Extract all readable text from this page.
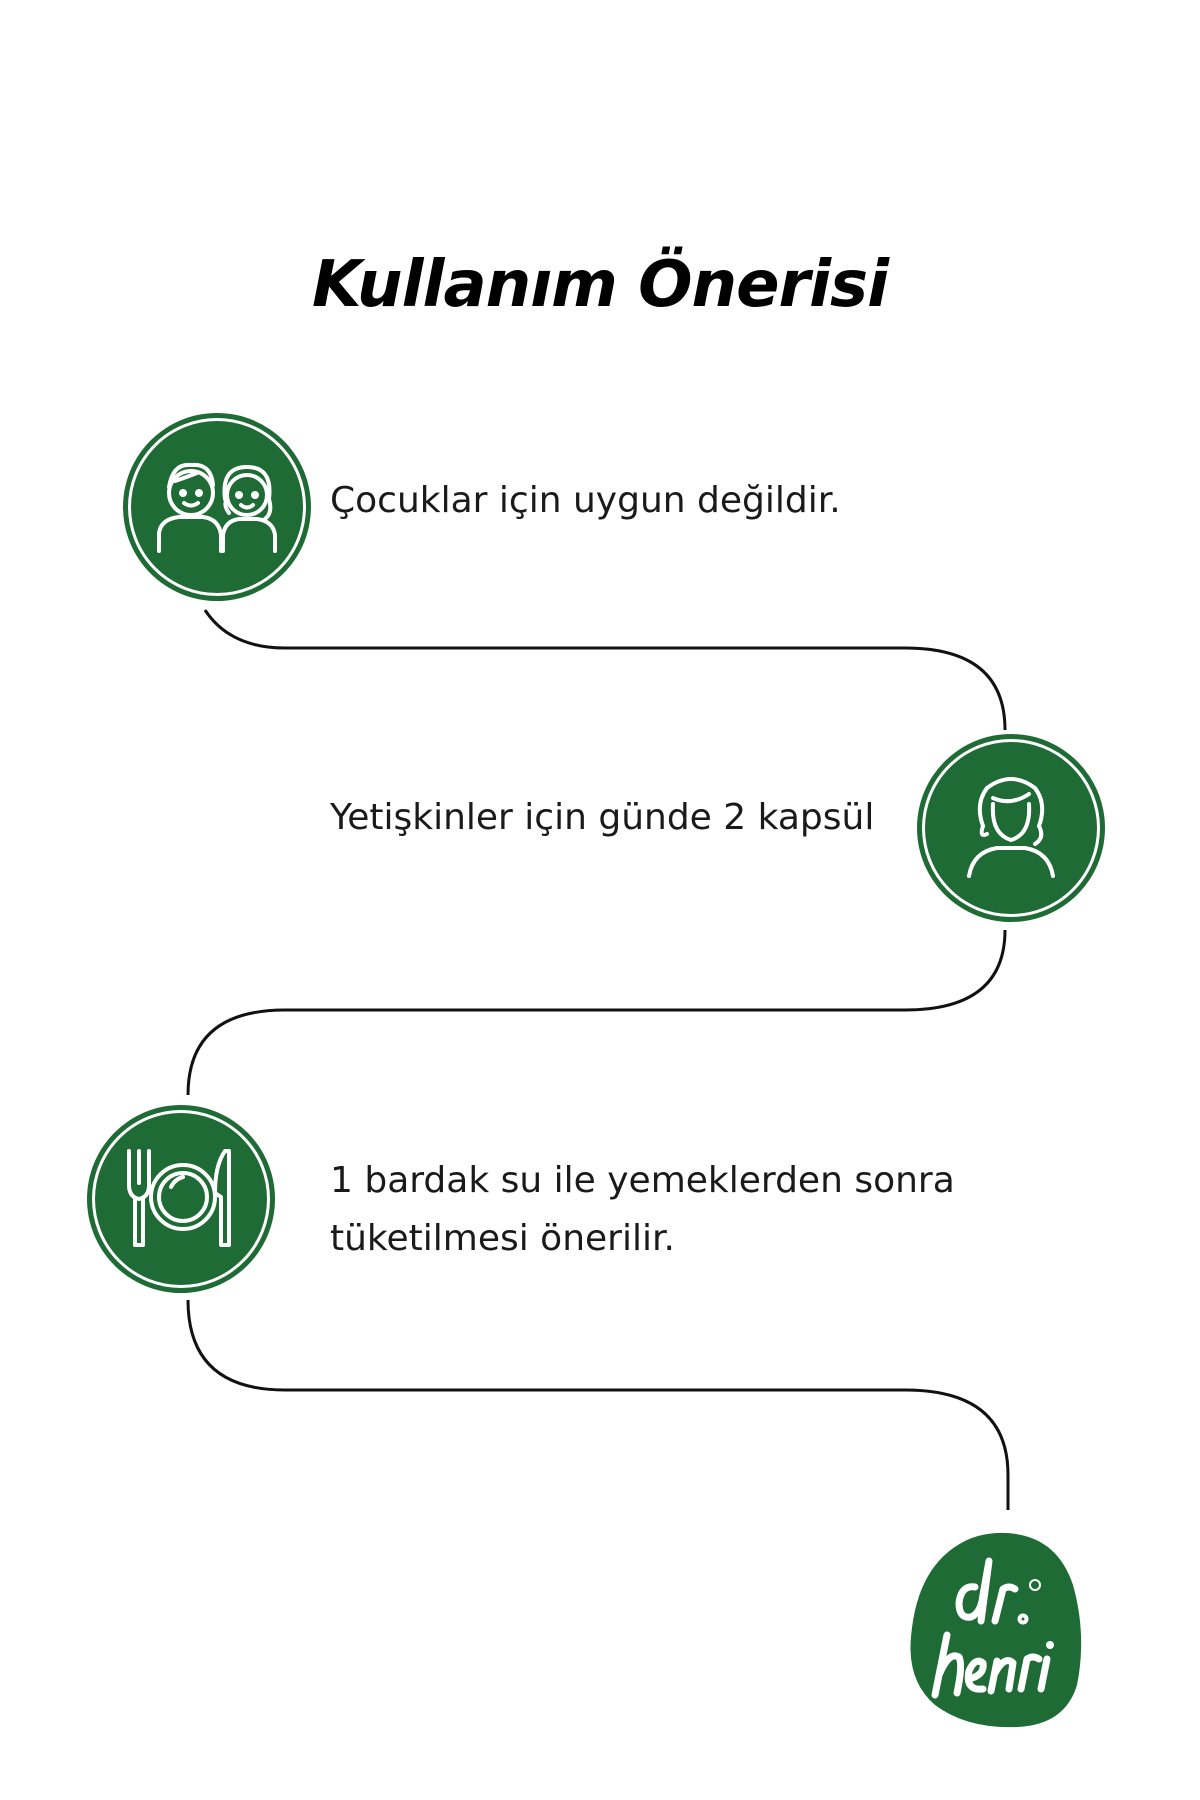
Kullanım Önerisi
Çocuklar için uygun değildir.
Yetişkinler için günde 2 kapsül
1 bardak su ile yemeklerden sonra
tüketilmesi önerilir.
